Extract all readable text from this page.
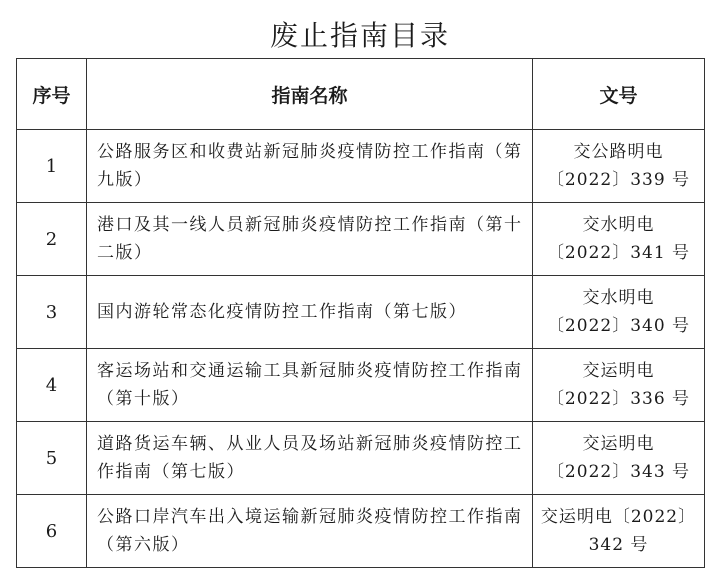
废止指南目录
序号	指南名称	文号
1	公路服务区和收费站新冠肺炎疫情防控工作指南（第九版）	交公路明电
〔2022〕339 号

2	港口及其一线人员新冠肺炎疫情防控工作指南（第十二版）	交水明电
〔2022〕341 号

3	国内游轮常态化疫情防控工作指南（第七版）	交水明电
〔2022〕340 号

4	客运场站和交通运输工具新冠肺炎疫情防控工作指南（第十版）	交运明电
〔2022〕336 号

5	道路货运车辆、从业人员及场站新冠肺炎疫情防控工作指南（第七版）	交运明电
〔2022〕343 号

6	公路口岸汽车出入境运输新冠肺炎疫情防控工作指南（第六版）	交运明电〔2022〕
342 号
